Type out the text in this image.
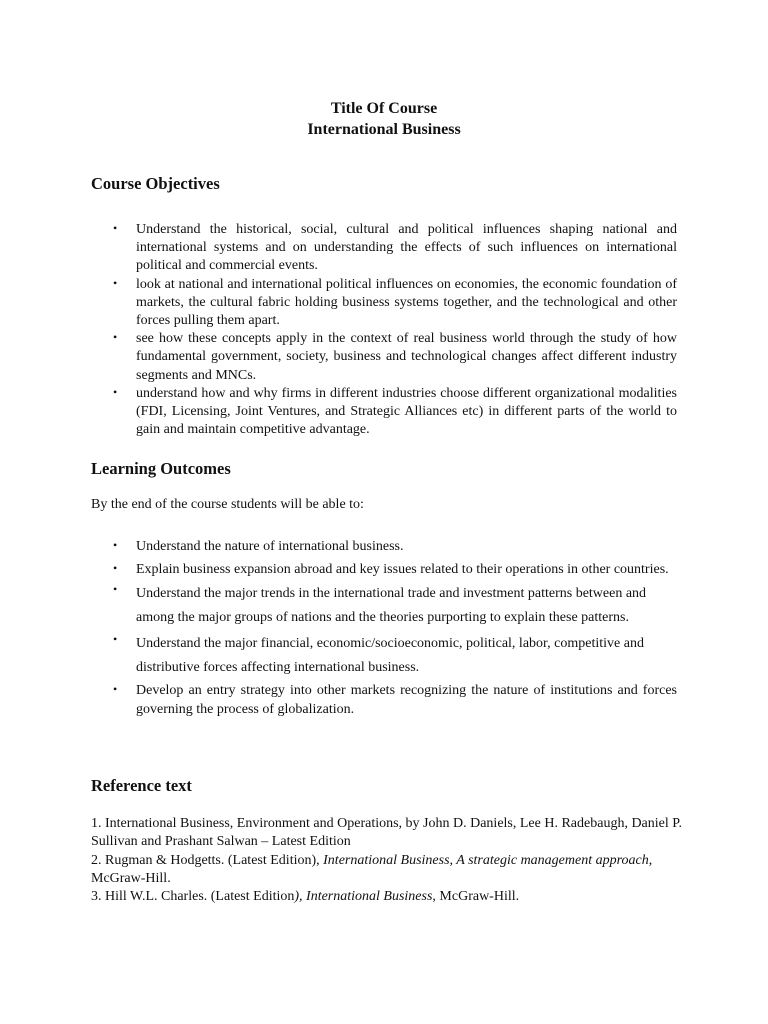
Title Of Course
International Business
Course Objectives
• Understand the historical, social, cultural and political influences shaping national and international systems and on understanding the effects of such influences on international political and commercial events.
• look at national and international political influences on economies, the economic foundation of markets, the cultural fabric holding business systems together, and the technological and other forces pulling them apart.
• see how these concepts apply in the context of real business world through the study of how fundamental government, society, business and technological changes affect different industry segments and MNCs.
• understand how and why firms in different industries choose different organizational modalities (FDI, Licensing, Joint Ventures, and Strategic Alliances etc) in different parts of the world to gain and maintain competitive advantage.
Learning Outcomes
By the end of the course students will be able to:
• Understand the nature of international business.
• Explain business expansion abroad and key issues related to their operations in other countries.
• Understand the major trends in the international trade and investment patterns between and among the major groups of nations and the theories purporting to explain these patterns.
• Understand the major financial, economic/socioeconomic, political, labor, competitive and distributive forces affecting international business.
• Develop an entry strategy into other markets recognizing the nature of institutions and forces governing the process of globalization.
Reference text
1. International Business, Environment and Operations, by John D. Daniels, Lee H. Radebaugh, Daniel P. Sullivan and Prashant Salwan – Latest Edition
2. Rugman & Hodgetts. (Latest Edition), International Business, A strategic management approach, McGraw-Hill.
3. Hill W.L. Charles. (Latest Edition), International Business, McGraw-Hill.
